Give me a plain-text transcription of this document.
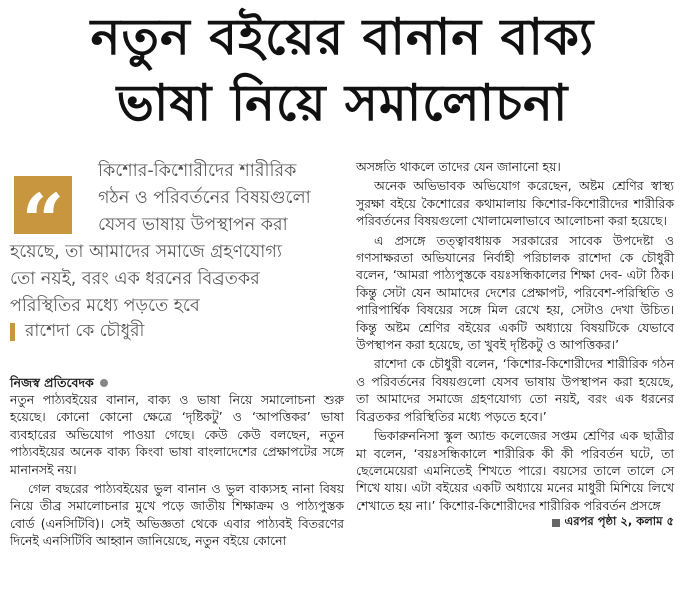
নতুন বইয়ের বানান বাক্য
ভাষা নিয়ে সমালোচনা
“
কিশোর-কিশোরীদের শারীরিক
গঠন ও পরিবর্তনের বিষয়গুলো
যেসব ভাষায় উপস্থাপন করা
হয়েছে, তা আমাদের সমাজে গ্রহণযোগ্য
তো নয়ই, বরং এক ধরনের বিব্রতকর
পরিস্থিতির মধ্যে পড়তে হবে
রাশেদা কে চৌধুরী
নিজস্ব প্রতিবেদক

নতুন পাঠ্যবইয়ের বানান, বাক্য ও ভাষা নিয়ে সমালোচনা শুরু হয়েছে। কোনো কোনো ক্ষেত্রে ‘দৃষ্টিকটু’ ও ‘আপত্তিকর’ ভাষা ব্যবহারের অভিযোগ পাওয়া গেছে। কেউ কেউ বলছেন, নতুন পাঠ্যবইয়ের অনেক বাক্য কিংবা ভাষা বাংলাদেশের প্রেক্ষাপটের সঙ্গে মানানসই নয়।

গেল বছরের পাঠ্যবইয়ের ভুল বানান ও ভুল বাক্যসহ নানা বিষয় নিয়ে তীব্র সমালোচনার মুখে পড়ে জাতীয় শিক্ষাক্রম ও পাঠ্যপুস্তক বোর্ড (এনসিটিবি)। সেই অভিজ্ঞতা থেকে এবার পাঠ্যবই বিতরণের দিনেই এনসিটিবি আহ্বান জানিয়েছে, নতুন বইয়ে কোনো

অসঙ্গতি থাকলে তাদের যেন জানানো হয়।

অনেক অভিভাবক অভিযোগ করেছেন, অষ্টম শ্রেণির স্বাস্থ্য সুরক্ষা বইয়ে কৈশোরের কথামালায় কিশোর-কিশোরীদের শারীরিক পরিবর্তনের বিষয়গুলো খোলামেলাভাবে আলোচনা করা হয়েছে।

এ প্রসঙ্গে তত্ত্বাবধায়ক সরকারের সাবেক উপদেষ্টা ও গণসাক্ষরতা অভিযানের নির্বাহী পরিচালক রাশেদা কে চৌধুরী বলেন, ‘আমরা পাঠ্যপুস্তকে বয়ঃসন্ধিকালের শিক্ষা দেব- এটা ঠিক। কিন্তু সেটা যেন আমাদের দেশের প্রেক্ষাপট, পরিবেশ-পরিস্থিতি ও পারিপার্শ্বিক বিষয়ের সঙ্গে মিল রেখে হয়, সেটাও দেখা উচিত। কিন্তু অষ্টম শ্রেণির বইয়ের একটি অধ্যায়ে বিষয়টিকে যেভাবে উপস্থাপন করা হয়েছে, তা খুবই দৃষ্টিকটু ও আপত্তিকর।’

রাশেদা কে চৌধুরী বলেন, ‘কিশোর-কিশোরীদের শারীরিক গঠন ও পরিবর্তনের বিষয়গুলো যেসব ভাষায় উপস্থাপন করা হয়েছে, তা আমাদের সমাজে গ্রহণযোগ্য তো নয়ই, বরং এক ধরনের বিব্রতকর পরিস্থিতির মধ্যে পড়তে হবে।’

ভিকারুননিসা স্কুল অ্যান্ড কলেজের সপ্তম শ্রেণির এক ছাত্রীর মা বলেন, ‘বয়ঃসন্ধিকালে শারীরিক কী কী পরিবর্তন ঘটে, তা ছেলেমেয়েরা এমনিতেই শিখতে পারে। বয়সের তালে তালে সে শিখে যায়। এটা বইয়ের একটি অধ্যায়ে মনের মাধুরী মিশিয়ে লিখে শেখাতে হয় না।’ কিশোর-কিশোরীদের শারীরিক পরিবর্তন প্রসঙ্গে

এরপর পৃষ্ঠা ২, কলাম ৫
